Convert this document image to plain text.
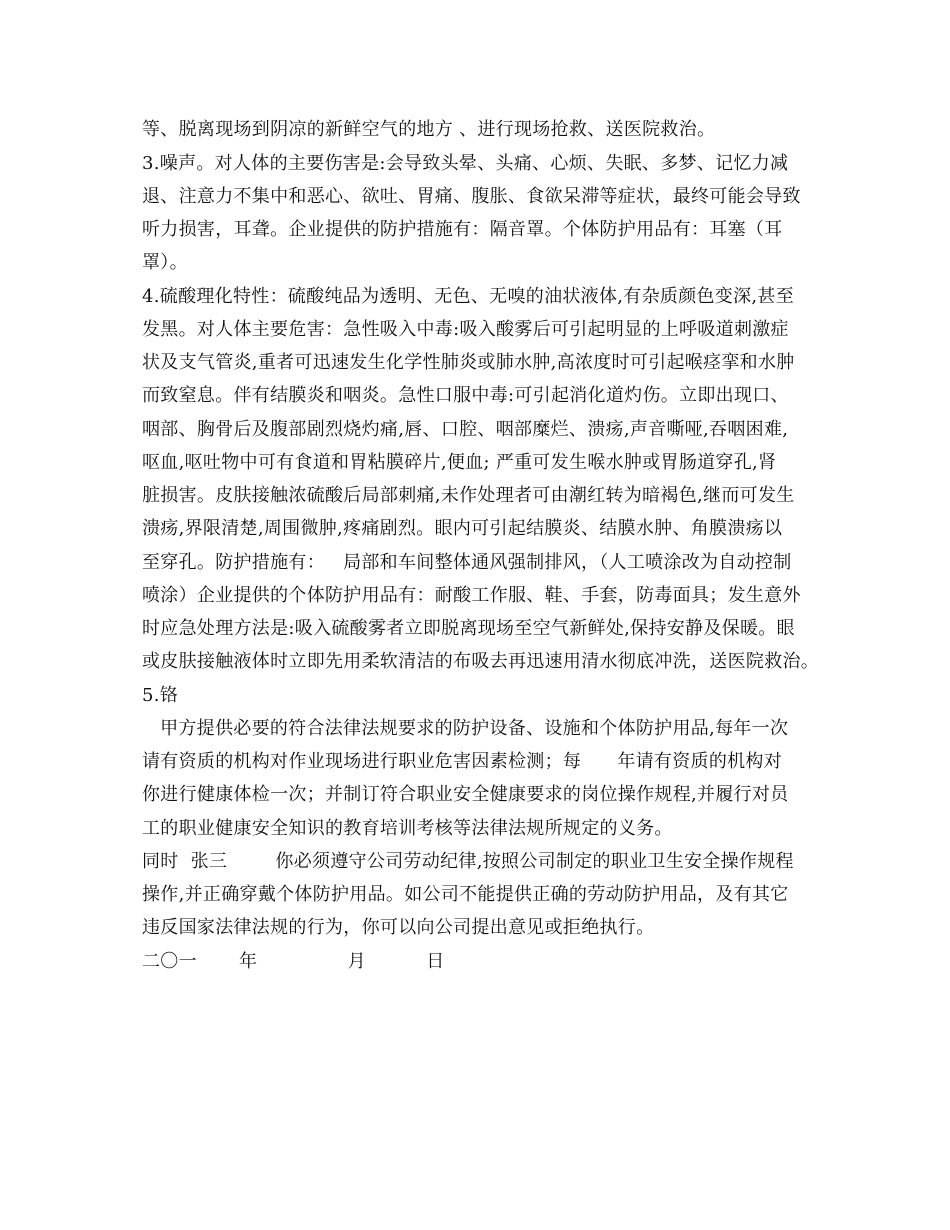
等、脱离现场到阴凉的新鲜空气的地方 、进行现场抢救、送医院救治。
3.噪声。对人体的主要伤害是:会导致头晕、头痛、心烦、失眠、多梦、记忆力减
退、注意力不集中和恶心、欲吐、胃痛、腹胀、食欲呆滞等症状，最终可能会导致
听力损害，耳聋。企业提供的防护措施有：隔音罩。个体防护用品有：耳塞（耳
罩）。
4.硫酸理化特性：硫酸纯品为透明、无色、无嗅的油状液体,有杂质颜色变深,甚至
发黑。对人体主要危害：急性吸入中毒:吸入酸雾后可引起明显的上呼吸道刺激症
状及支气管炎,重者可迅速发生化学性肺炎或肺水肿,高浓度时可引起喉痉挛和水肿
而致窒息。伴有结膜炎和咽炎。急性口服中毒:可引起消化道灼伤。立即出现口、
咽部、胸骨后及腹部剧烈烧灼痛,唇、口腔、咽部糜烂、溃疡,声音嘶哑,吞咽困难,
呕血,呕吐物中可有食道和胃粘膜碎片,便血; 严重可发生喉水肿或胃肠道穿孔,肾
脏损害。皮肤接触浓硫酸后局部刺痛,未作处理者可由潮红转为暗褐色,继而可发生
溃疡,界限清楚,周围微肿,疼痛剧烈。眼内可引起结膜炎、结膜水肿、角膜溃疡以
至穿孔。防护措施有：   局部和车间整体通风强制排风，（人工喷涂改为自动控制
喷涂）企业提供的个体防护用品有：耐酸工作服、鞋、手套，防毒面具；发生意外
时应急处理方法是:吸入硫酸雾者立即脱离现场至空气新鲜处,保持安静及保暖。眼
或皮肤接触液体时立即先用柔软清洁的布吸去再迅速用清水彻底冲洗，送医院救治。
5.铬
甲方提供必要的符合法律法规要求的防护设备、设施和个体防护用品,每年一次
请有资质的机构对作业现场进行职业危害因素检测；每      年请有资质的机构对
你进行健康体检一次；并制订符合职业安全健康要求的岗位操作规程,并履行对员
工的职业健康安全知识的教育培训考核等法律法规所规定的义务。
同时  张三        你必须遵守公司劳动纪律,按照公司制定的职业卫生安全操作规程
操作,并正确穿戴个体防护用品。如公司不能提供正确的劳动防护用品，及有其它
违反国家法律法规的行为，你可以向公司提出意见或拒绝执行。
二〇一       年               月          日
